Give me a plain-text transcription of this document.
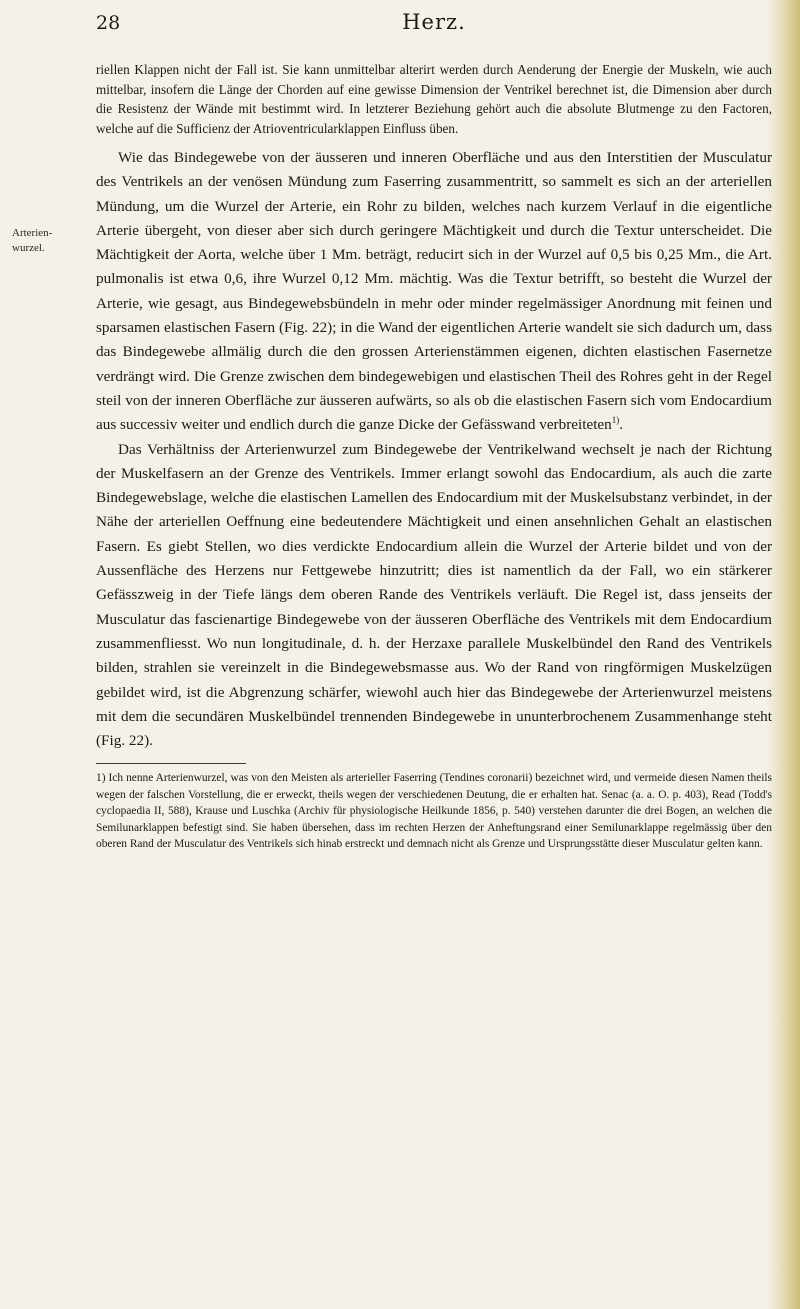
28	Herz.
Arterien-
wurzel.

riellen Klappen nicht der Fall ist. Sie kann unmittelbar alterirt werden durch Aenderung der Energie der Muskeln, wie auch mittelbar, insofern die Länge der Chorden auf eine gewisse Dimension der Ventrikel berechnet ist, die Dimension aber durch die Resistenz der Wände mit bestimmt wird. In letzterer Beziehung gehört auch die absolute Blutmenge zu den Factoren, welche auf die Sufficienz der Atrioventricularklappen Einfluss üben.

Wie das Bindegewebe von der äusseren und inneren Oberfläche und aus den Interstitien der Musculatur des Ventrikels an der venösen Mündung zum Faserring zusammentritt, so sammelt es sich an der arteriellen Mündung, um die Wurzel der Arterie, ein Rohr zu bilden, welches nach kurzem Verlauf in die eigentliche Arterie übergeht, von dieser aber sich durch geringere Mächtigkeit und durch die Textur unterscheidet. Die Mächtigkeit der Aorta, welche über 1 Mm. beträgt, reducirt sich in der Wurzel auf 0,5 bis 0,25 Mm., die Art. pulmonalis ist etwa 0,6, ihre Wurzel 0,12 Mm. mächtig. Was die Textur betrifft, so besteht die Wurzel der Arterie, wie gesagt, aus Bindegewebsbündeln in mehr oder minder regelmässiger Anordnung mit feinen und sparsamen elastischen Fasern (Fig. 22); in die Wand der eigentlichen Arterie wandelt sie sich dadurch um, dass das Bindegewebe allmälig durch die den grossen Arterienstämmen eigenen, dichten elastischen Fasernetze verdrängt wird. Die Grenze zwischen dem bindegewebigen und elastischen Theil des Rohres geht in der Regel steil von der inneren Oberfläche zur äusseren aufwärts, so als ob die elastischen Fasern sich vom Endocardium aus successiv weiter und endlich durch die ganze Dicke der Gefässwand verbreiteten$^{1)}$.

Das Verhältniss der Arterienwurzel zum Bindegewebe der Ventrikelwand wechselt je nach der Richtung der Muskelfasern an der Grenze des Ventrikels. Immer erlangt sowohl das Endocardium, als auch die zarte Bindegewebslage, welche die elastischen Lamellen des Endocardium mit der Muskelsubstanz verbindet, in der Nähe der arteriellen Oeffnung eine bedeutendere Mächtigkeit und einen ansehnlichen Gehalt an elastischen Fasern. Es giebt Stellen, wo dies verdickte Endocardium allein die Wurzel der Arterie bildet und von der Aussenfläche des Herzens nur Fettgewebe hinzutritt; dies ist namentlich da der Fall, wo ein stärkerer Gefässzweig in der Tiefe längs dem oberen Rande des Ventrikels verläuft. Die Regel ist, dass jenseits der Musculatur das fascienartige Bindegewebe von der äusseren Oberfläche des Ventrikels mit dem Endocardium zusammenfliesst. Wo nun longitudinale, d. h. der Herzaxe parallele Muskelbündel den Rand des Ventrikels bilden, strahlen sie vereinzelt in die Bindegewebsmasse aus. Wo der Rand von ringförmigen Muskelzügen gebildet wird, ist die Abgrenzung schärfer, wiewohl auch hier das Bindegewebe der Arterienwurzel meistens mit dem die secundären Muskelbündel trennenden Bindegewebe in ununterbrochenem Zusammenhange steht (Fig. 22).

1) Ich nenne Arterienwurzel, was von den Meisten als arterieller Faserring (Tendines coronarii) bezeichnet wird, und vermeide diesen Namen theils wegen der falschen Vorstellung, die er erweckt, theils wegen der verschiedenen Deutung, die er erhalten hat. Senac (a. a. O. p. 403), Read (Todd's cyclopaedia II, 588), Krause und Luschka (Archiv für physiologische Heilkunde 1856, p. 540) verstehen darunter die drei Bogen, an welchen die Semilunarklappen befestigt sind. Sie haben übersehen, dass im rechten Herzen der Anheftungsrand einer Semilunarklappe regelmässig über den oberen Rand der Musculatur des Ventrikels sich hinab erstreckt und demnach nicht als Grenze und Ursprungsstätte dieser Musculatur gelten kann.
